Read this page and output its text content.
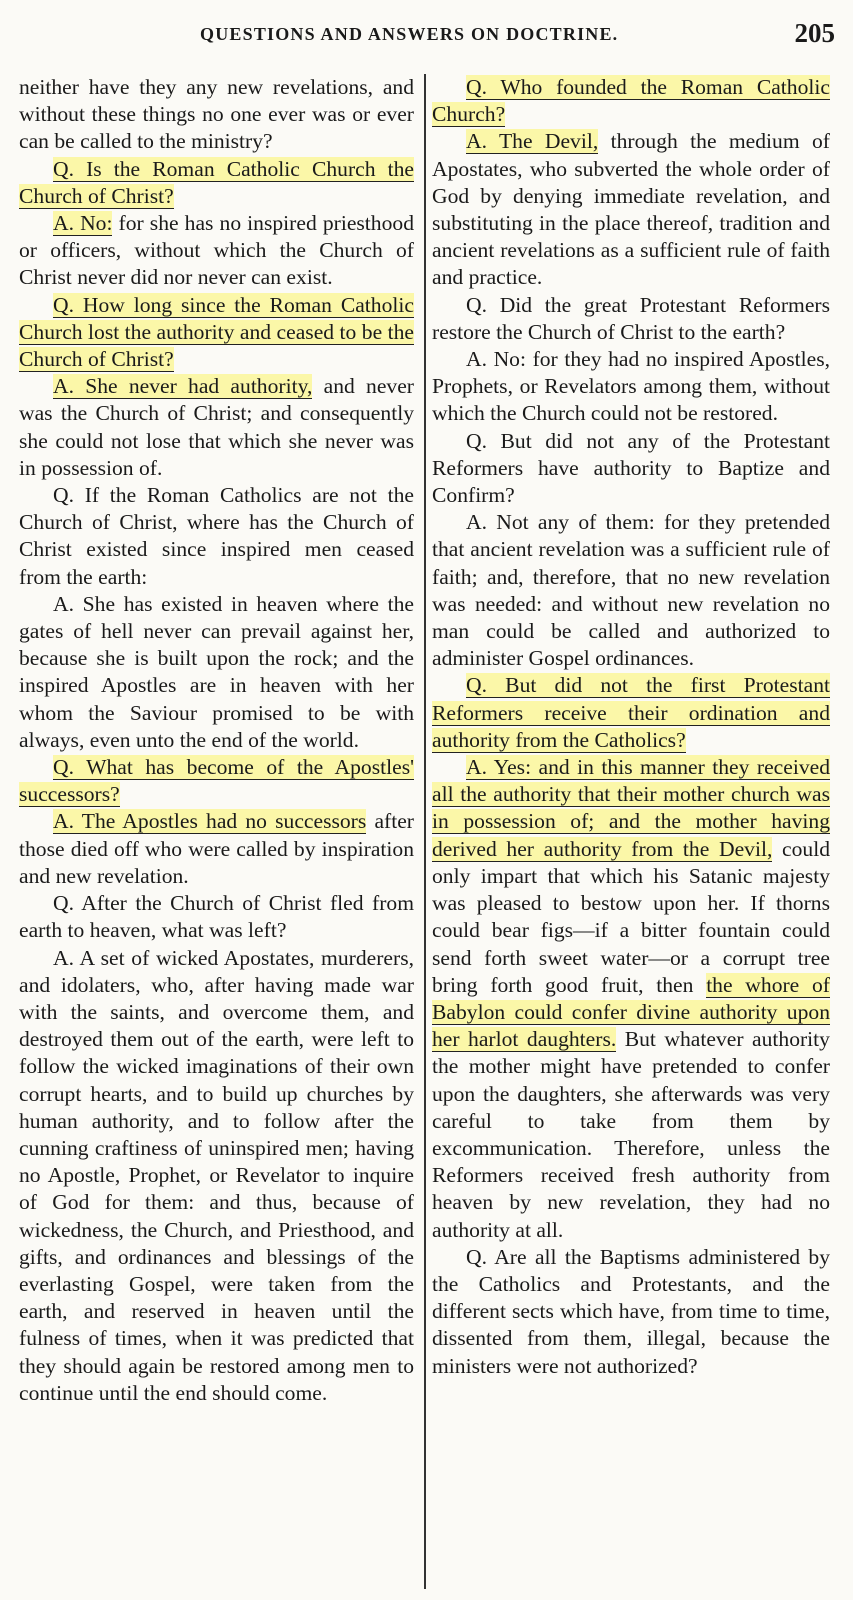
QUESTIONS AND ANSWERS ON DOCTRINE.	205

neither have they any new revelations, and without these things no one ever was or ever can be called to the ministry?

Q. Is the Roman Catholic Church the Church of Christ?

A. No: for she has no inspired priesthood or officers, without which the Church of Christ never did nor never can exist.

Q. How long since the Roman Catholic Church lost the authority and ceased to be the Church of Christ?

A. She never had authority, and never was the Church of Christ; and consequently she could not lose that which she never was in possession of.

Q. If the Roman Catholics are not the Church of Christ, where has the Church of Christ existed since inspired men ceased from the earth:

A. She has existed in heaven where the gates of hell never can prevail against her, because she is built upon the rock; and the inspired Apostles are in heaven with her whom the Saviour promised to be with always, even unto the end of the world.

Q. What has become of the Apostles' successors?

A. The Apostles had no successors after those died off who were called by inspiration and new revelation.

Q. After the Church of Christ fled from earth to heaven, what was left?

A. A set of wicked Apostates, murderers, and idolaters, who, after having made war with the saints, and overcome them, and destroyed them out of the earth, were left to follow the wicked imaginations of their own corrupt hearts, and to build up churches by human authority, and to follow after the cunning craftiness of uninspired men; having no Apostle, Prophet, or Revelator to inquire of God for them: and thus, because of wickedness, the Church, and Priesthood, and gifts, and ordinances and blessings of the everlasting Gospel, were taken from the earth, and reserved in heaven until the fulness of times, when it was predicted that they should again be restored among men to continue until the end should come.

Q. Who founded the Roman Catholic Church?

A. The Devil, through the medium of Apostates, who subverted the whole order of God by denying immediate revelation, and substituting in the place thereof, tradition and ancient revelations as a sufficient rule of faith and practice.

Q. Did the great Protestant Reformers restore the Church of Christ to the earth?

A. No: for they had no inspired Apostles, Prophets, or Revelators among them, without which the Church could not be restored.

Q. But did not any of the Protestant Reformers have authority to Baptize and Confirm?

A. Not any of them: for they pretended that ancient revelation was a sufficient rule of faith; and, therefore, that no new revelation was needed: and without new revelation no man could be called and authorized to administer Gospel ordinances.

Q. But did not the first Protestant Reformers receive their ordination and authority from the Catholics?

A. Yes: and in this manner they received all the authority that their mother church was in possession of; and the mother having derived her authority from the Devil, could only impart that which his Satanic majesty was pleased to bestow upon her. If thorns could bear figs—if a bitter fountain could send forth sweet water—or a corrupt tree bring forth good fruit, then the whore of Babylon could confer divine authority upon her harlot daughters. But whatever authority the mother might have pretended to confer upon the daughters, she afterwards was very careful to take from them by excommunication. Therefore, unless the Reformers received fresh authority from heaven by new revelation, they had no authority at all.

Q. Are all the Baptisms administered by the Catholics and Protestants, and the different sects which have, from time to time, dissented from them, illegal, because the ministers were not authorized?
